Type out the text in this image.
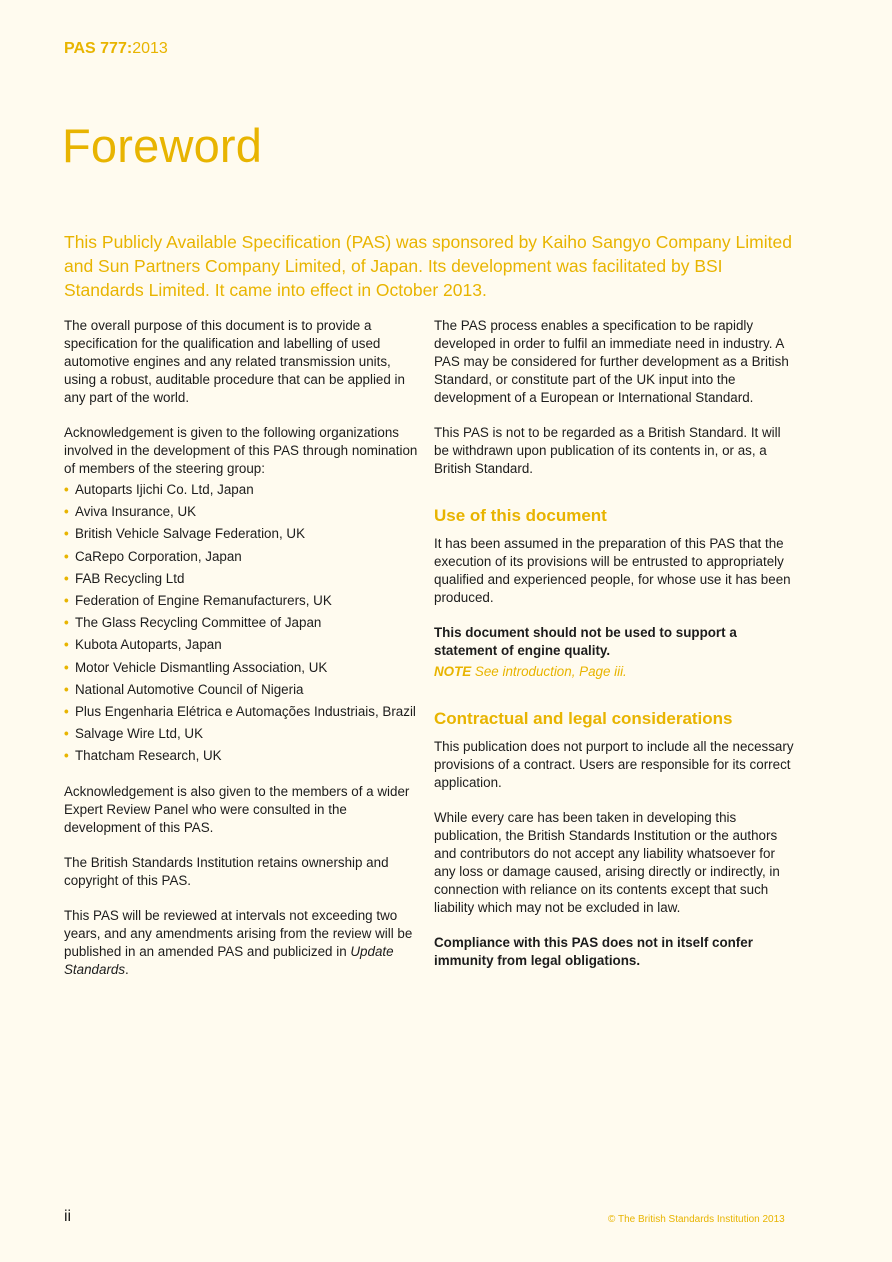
PAS 777:2013
Foreword

This Publicly Available Specification (PAS) was sponsored by Kaiho Sangyo Company Limited and Sun Partners Company Limited, of Japan. Its development was facilitated by BSI Standards Limited. It came into effect in October 2013.

The overall purpose of this document is to provide a specification for the qualification and labelling of used automotive engines and any related transmission units, using a robust, auditable procedure that can be applied in any part of the world.

Acknowledgement is given to the following organizations involved in the development of this PAS through nomination of members of the steering group:

• Autoparts Ijichi Co. Ltd, Japan
• Aviva Insurance, UK
• British Vehicle Salvage Federation, UK
• CaRepo Corporation, Japan
• FAB Recycling Ltd
• Federation of Engine Remanufacturers, UK
• The Glass Recycling Committee of Japan
• Kubota Autoparts, Japan
• Motor Vehicle Dismantling Association, UK
• National Automotive Council of Nigeria
• Plus Engenharia Elétrica e Automações Industriais, Brazil
• Salvage Wire Ltd, UK
• Thatcham Research, UK

Acknowledgement is also given to the members of a wider Expert Review Panel who were consulted in the development of this PAS.

The British Standards Institution retains ownership and copyright of this PAS.

This PAS will be reviewed at intervals not exceeding two years, and any amendments arising from the review will be published in an amended PAS and publicized in Update Standards.

The PAS process enables a specification to be rapidly developed in order to fulfil an immediate need in industry. A PAS may be considered for further development as a British Standard, or constitute part of the UK input into the development of a European or International Standard.

This PAS is not to be regarded as a British Standard. It will be withdrawn upon publication of its contents in, or as, a British Standard.

Use of this document

It has been assumed in the preparation of this PAS that the execution of its provisions will be entrusted to appropriately qualified and experienced people, for whose use it has been produced.

This document should not be used to support a statement of engine quality.

NOTE See introduction, Page iii.

Contractual and legal considerations

This publication does not purport to include all the necessary provisions of a contract. Users are responsible for its correct application.

While every care has been taken in developing this publication, the British Standards Institution or the authors and contributors do not accept any liability whatsoever for any loss or damage caused, arising directly or indirectly, in connection with reliance on its contents except that such liability which may not be excluded in law.

Compliance with this PAS does not in itself confer immunity from legal obligations.

ii	© The British Standards Institution 2013
